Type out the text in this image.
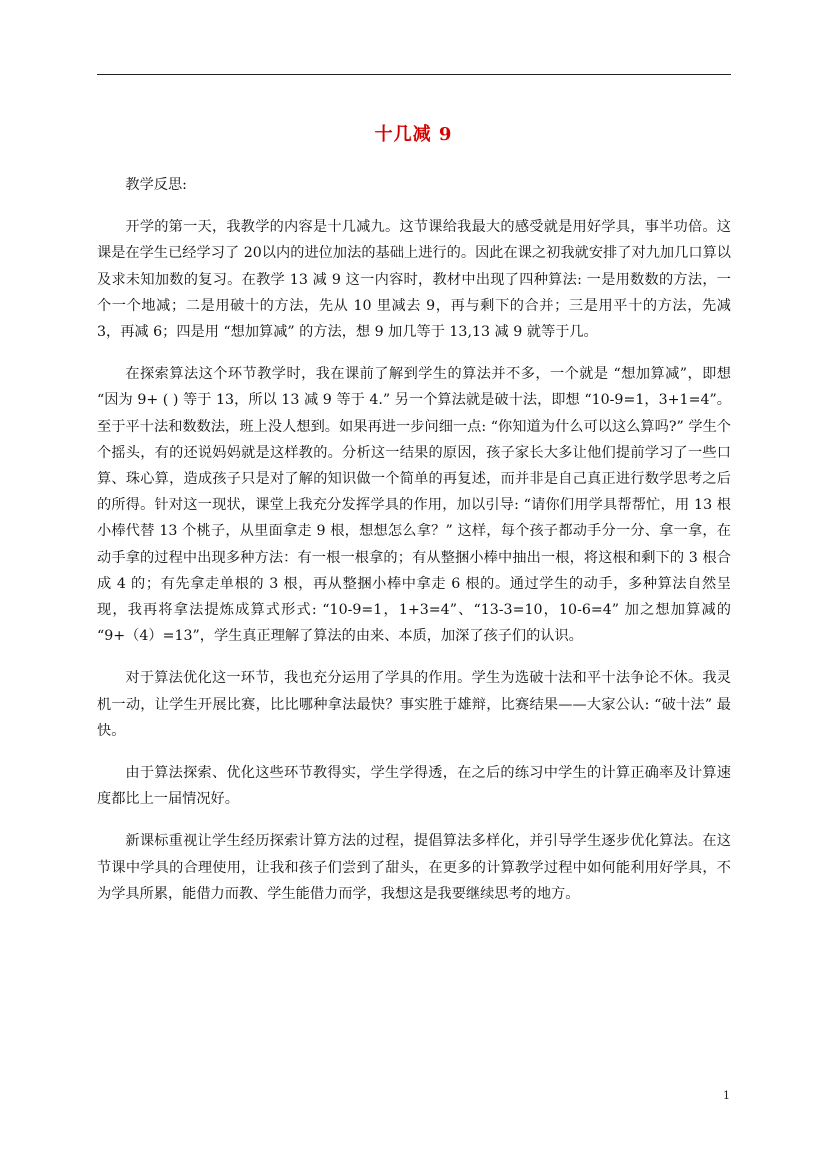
十几减 9

教学反思:

开学的第一天，我教学的内容是十几减九。这节课给我最大的感受就是用好学具，事半功倍。这课是在学生已经学习了 20以内的进位加法的基础上进行的。因此在课之初我就安排了对九加几口算以及求未知加数的复习。在教学 13 减 9 这一内容时，教材中出现了四种算法: 一是用数数的方法，一个一个地减；二是用破十的方法，先从 10 里减去 9，再与剩下的合并；三是用平十的方法，先减 3，再减 6；四是用 “想加算减” 的方法，想 9 加几等于 13,13 减 9 就等于几。

在探索算法这个环节教学时，我在课前了解到学生的算法并不多，一个就是 “想加算减”，即想 “因为 9+ ( ) 等于 13，所以 13 减 9 等于 4.” 另一个算法就是破十法，即想 “10-9=1，3+1=4”。至于平十法和数数法，班上没人想到。如果再进一步问细一点: “你知道为什么可以这么算吗?” 学生个个摇头，有的还说妈妈就是这样教的。分析这一结果的原因，孩子家长大多让他们提前学习了一些口算、珠心算，造成孩子只是对了解的知识做一个简单的再复述，而并非是自己真正进行数学思考之后的所得。针对这一现状，课堂上我充分发挥学具的作用，加以引导: “请你们用学具帮帮忙，用 13 根小棒代替 13 个桃子，从里面拿走 9 根，想想怎么拿？” 这样，每个孩子都动手分一分、拿一拿，在动手拿的过程中出现多种方法：有一根一根拿的；有从整捆小棒中抽出一根，将这根和剩下的 3 根合成 4 的；有先拿走单根的 3 根，再从整捆小棒中拿走 6 根的。通过学生的动手，多种算法自然呈现，我再将拿法提炼成算式形式: “10-9=1，1+3=4”、“13-3=10，10-6=4” 加之想加算减的 “9+（4）=13”，学生真正理解了算法的由来、本质，加深了孩子们的认识。

对于算法优化这一环节，我也充分运用了学具的作用。学生为选破十法和平十法争论不休。我灵机一动，让学生开展比赛，比比哪种拿法最快？事实胜于雄辩，比赛结果——大家公认: “破十法” 最快。

由于算法探索、优化这些环节教得实，学生学得透，在之后的练习中学生的计算正确率及计算速度都比上一届情况好。

新课标重视让学生经历探索计算方法的过程，提倡算法多样化，并引导学生逐步优化算法。在这节课中学具的合理使用，让我和孩子们尝到了甜头，在更多的计算教学过程中如何能利用好学具，不为学具所累，能借力而教、学生能借力而学，我想这是我要继续思考的地方。

1
